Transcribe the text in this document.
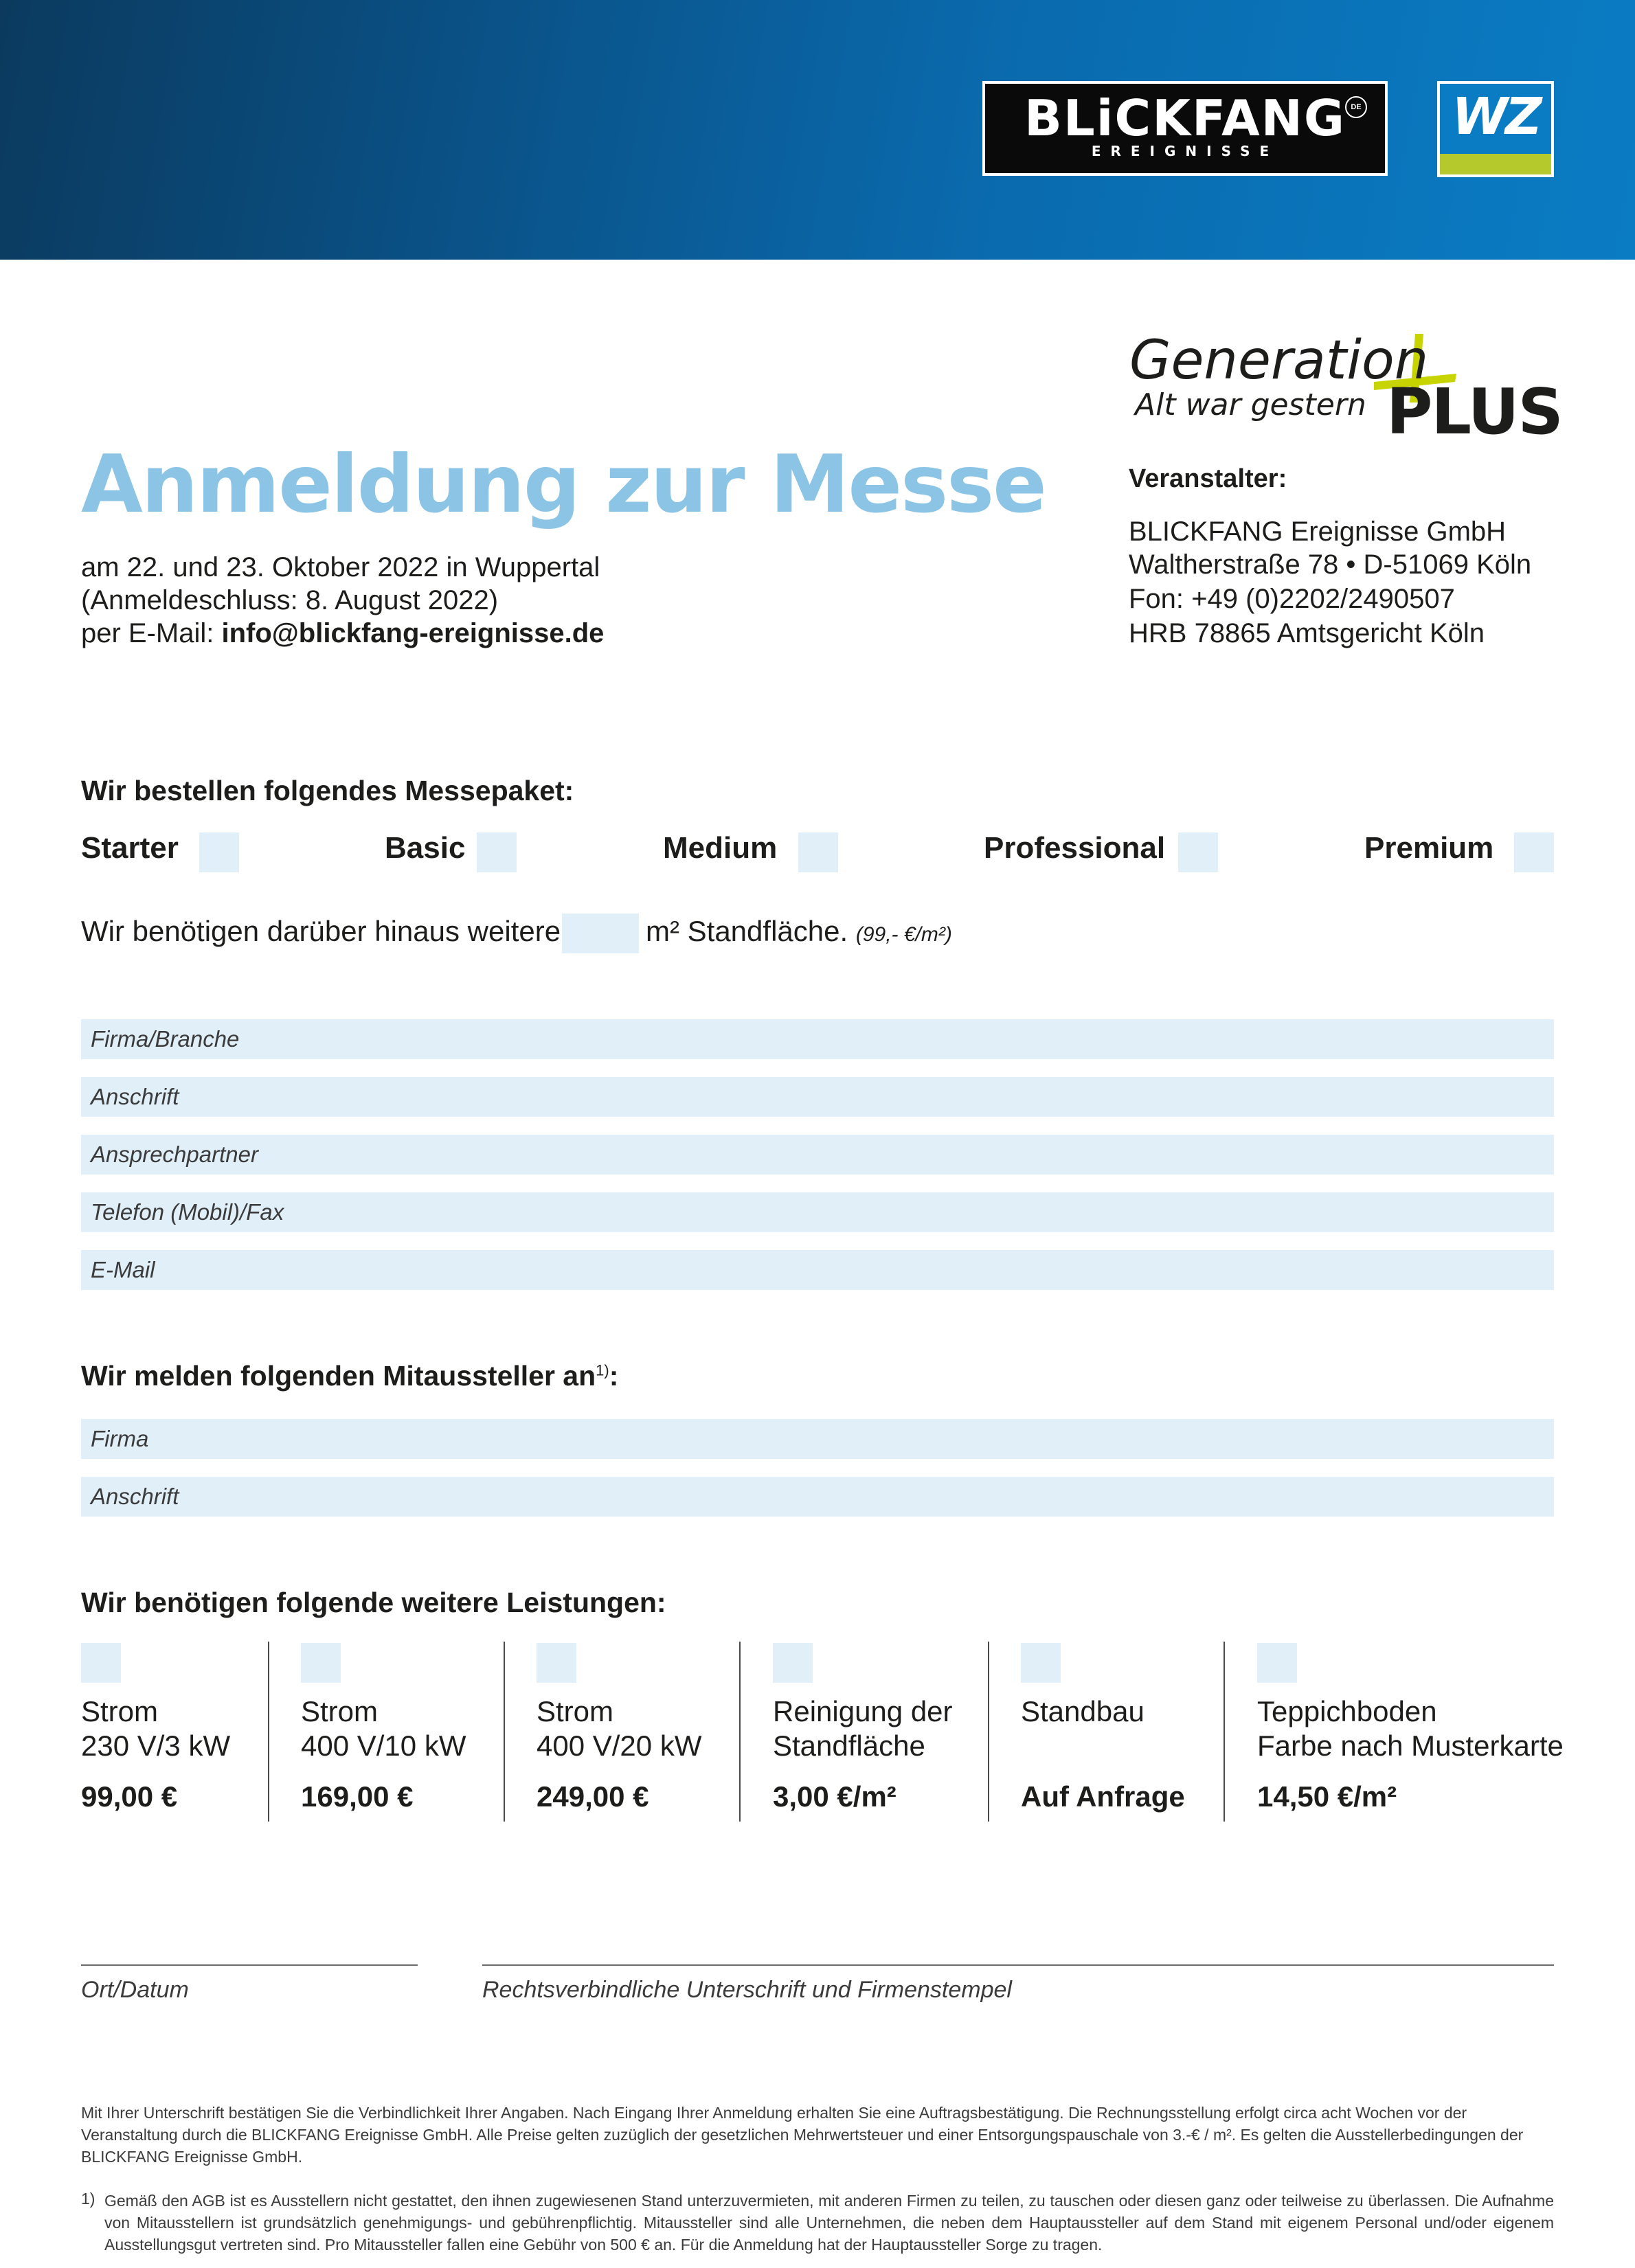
BLiCKFANG
EREIGNISSE
DE WZ
Generation
Alt war gestern PLUS
Anmeldung zur Messe
am 22. und 23. Oktober 2022 in Wuppertal
(Anmeldeschluss: 8. August 2022)
per E-Mail: info@blickfang-ereignisse.de
Veranstalter:
BLICKFANG Ereignisse GmbH
Waltherstraße 78 • D-51069 Köln
Fon: +49 (0)2202/2490507
HRB 78865 Amtsgericht Köln
Wir bestellen folgendes Messepaket:
Starter	Basic	Medium	Professional	Premium
Wir benötigen darüber hinaus weitere	m² Standfläche. (99,- €/m²)
Firma/Branche
Anschrift
Ansprechpartner
Telefon (Mobil)/Fax
E-Mail
Wir melden folgenden Mitaussteller $an^{1)}$:
Firma
Anschrift
Wir benötigen folgende weitere Leistungen:
Strom
230 V/3 kW
99,00 €
Strom
400 V/10 kW
169,00 €
Strom
400 V/20 kW
249,00 €
Reinigung der
Standfläche
3,00 €/m²
Standbau
Auf Anfrage
Teppichboden
Farbe nach Musterkarte
14,50 €/m²
Ort/Datum	Rechtsverbindliche Unterschrift und Firmenstempel
Mit Ihrer Unterschrift bestätigen Sie die Verbindlichkeit Ihrer Angaben. Nach Eingang Ihrer Anmeldung erhalten Sie eine Auftragsbestätigung. Die Rechnungsstellung erfolgt circa acht Wochen vor der Veranstaltung durch die BLICKFANG Ereignisse GmbH. Alle Preise gelten zuzüglich der gesetzlichen Mehrwertsteuer und einer Entsorgungspauschale von 3.-€ / m². Es gelten die Ausstellerbedingungen der BLICKFANG Ereignisse GmbH.
1) Gemäß den AGB ist es Ausstellern nicht gestattet, den ihnen zugewiesenen Stand unterzuvermieten, mit anderen Firmen zu teilen, zu tauschen oder diesen ganz oder teilweise zu überlassen. Die Aufnahme von Mitausstellern ist grundsätzlich genehmigungs- und gebührenpflichtig. Mitaussteller sind alle Unternehmen, die neben dem Hauptaussteller auf dem Stand mit eigenem Personal und/oder eigenem Ausstellungsgut vertreten sind. Pro Mitaussteller fallen eine Gebühr von 500 € an. Für die Anmeldung hat der Hauptaussteller Sorge zu tragen.
